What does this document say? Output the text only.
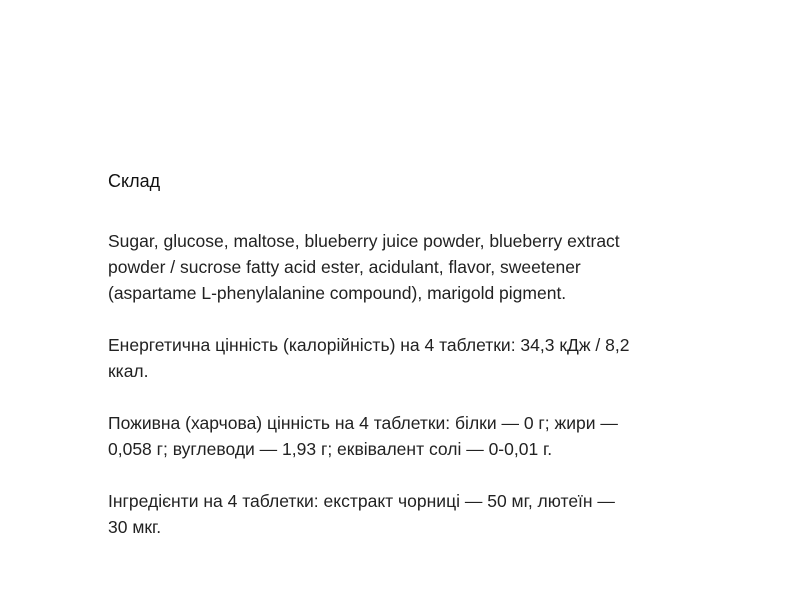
Склад

Sugar, glucose, maltose, blueberry juice powder, blueberry extract
powder / sucrose fatty acid ester, acidulant, flavor, sweetener
(aspartame L-phenylalanine compound), marigold pigment.

Енергетична цінність (калорійність) на 4 таблетки: 34,3 кДж / 8,2
ккал.

Поживна (харчова) цінність на 4 таблетки: білки — 0 г; жири —
0,058 г; вуглеводи — 1,93 г; еквівалент солі — 0-0,01 г.

Інгредієнти на 4 таблетки: екстракт чорниці — 50 мг, лютеїн —
30 мкг.
